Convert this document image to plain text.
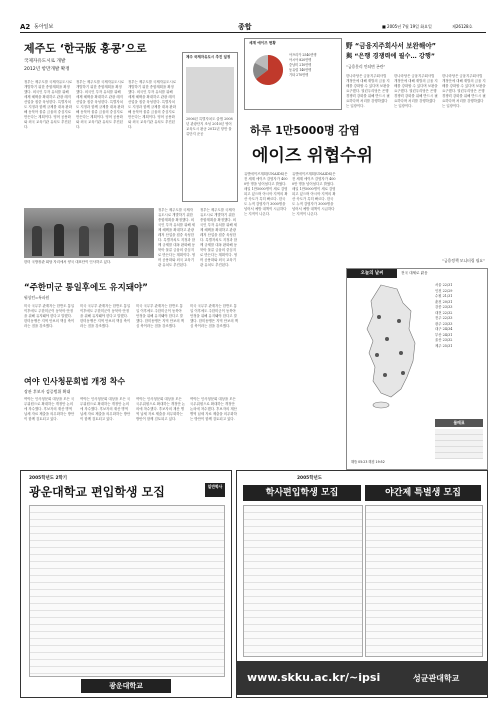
A2 동아일보	종합	■ 2005년 7월 19일 화요일	제26128호
제주도 ‘한국版 홍콩’으로
국제자유도시로 개발
2012년 항만개발 확정
정부는 제주도를 국제자유도시로 개발하기 위한 종합계획을 확정했다. 외국인 투자 유치를 위해 세제 혜택을 확대하고 관광 레저 산업을 집중 육성한다. 특별자치도 지정과 함께 규제를 대폭 완화해 동북아 물류 금융의 중심지로 만든다는 계획이다. 영어 공용화와 외국 교육기관 유치도 추진된다.
정부는 제주도를 국제자유도시로 개발하기 위한 종합계획을 확정했다. 외국인 투자 유치를 위해 세제 혜택을 확대하고 관광 레저 산업을 집중 육성한다. 특별자치도 지정과 함께 규제를 대폭 완화해 동북아 물류 금융의 중심지로 만든다는 계획이다. 영어 공용화와 외국 교육기관 유치도 추진된다.
정부는 제주도를 국제자유도시로 개발하기 위한 종합계획을 확정했다. 외국인 투자 유치를 위해 세제 혜택을 확대하고 관광 레저 산업을 집중 육성한다. 특별자치도 지정과 함께 규제를 대폭 완화해 동북아 물류 금융의 중심지로 만든다는 계획이다. 영어 공용화와 외국 교육기관 유치도 추진된다.
제주 국제자유도시 추진 일정
2006년 특별자치도 출범 2008년 관광단지 조성 2010년 영어교육도시 완공 2012년 항만 물류단지 준공
한미 국방장관 회담 자리에서 양국 대표단이 인사하고 있다.
정부는 제주도를 국제자유도시로 개발하기 위한 종합계획을 확정했다. 외국인 투자 유치를 위해 세제 혜택을 확대하고 관광 레저 산업을 집중 육성한다. 특별자치도 지정과 함께 규제를 대폭 완화해 동북아 물류 금융의 중심지로 만든다는 계획이다. 영어 공용화와 외국 교육기관 유치도 추진된다.
정부는 제주도를 국제자유도시로 개발하기 위한 종합계획을 확정했다. 외국인 투자 유치를 위해 세제 혜택을 확대하고 관광 레저 산업을 집중 육성한다. 특별자치도 지정과 함께 규제를 대폭 완화해 동북아 물류 금융의 중심지로 만든다는 계획이다. 영어 공용화와 외국 교육기관 유치도 추진된다.
“주한미군 통일후에도 유지돼야”
워싱턴=특파원
미국 국무부 관계자는 한반도 통일 이후에도 주한미군이 동북아 안정을 위해 유지돼야 한다고 말했다. 한미동맹은 지역 안보의 핵심 축이라는 점을 강조했다.
미국 국무부 관계자는 한반도 통일 이후에도 주한미군이 동북아 안정을 위해 유지돼야 한다고 말했다. 한미동맹은 지역 안보의 핵심 축이라는 점을 강조했다.
미국 국무부 관계자는 한반도 통일 이후에도 주한미군이 동북아 안정을 위해 유지돼야 한다고 말했다. 한미동맹은 지역 안보의 핵심 축이라는 점을 강조했다.
미국 국무부 관계자는 한반도 통일 이후에도 주한미군이 동북아 안정을 위해 유지돼야 한다고 말했다. 한미동맹은 지역 안보의 핵심 축이라는 점을 강조했다.
여야 인사청문회법 개정 착수
장관 후보자 검증범위 확대
여야는 인사청문회 대상을 모든 국무위원으로 확대하는 개정안 논의에 착수했다. 후보자의 재산 병역 납세 자료 제출을 의무화하는 방안이 함께 검토되고 있다.
여야는 인사청문회 대상을 모든 국무위원으로 확대하는 개정안 논의에 착수했다. 후보자의 재산 병역 납세 자료 제출을 의무화하는 방안이 함께 검토되고 있다.
여야는 인사청문회 대상을 모든 국무위원으로 확대하는 개정안 논의에 착수했다. 후보자의 재산 병역 납세 자료 제출을 의무화하는 방안이 함께 검토되고 있다.
여야는 인사청문회 대상을 모든 국무위원으로 확대하는 개정안 논의에 착수했다. 후보자의 재산 병역 납세 자료 제출을 의무화하는 방안이 함께 검토되고 있다.
세계 에이즈 현황
아프리카 2540만명
아시아 820만명
중남미 210만명
동유럽 140만명
기타 270만명
하루 1만5000명 감염
에이즈 위협수위
유엔에이즈계획(UNAIDS)은 전 세계 에이즈 감염자가 4000만 명을 넘어섰다고 밝혔다. 매일 1만5000명이 새로 감염되고 있으며 아시아 지역의 확산 속도가 특히 빠르다. 한국도 누적 감염자가 3000명을 넘어서 예방 대책이 시급하다는 지적이 나온다.
유엔에이즈계획(UNAIDS)은 전 세계 에이즈 감염자가 4000만 명을 넘어섰다고 밝혔다. 매일 1만5000명이 새로 감염되고 있으며 아시아 지역의 확산 속도가 특히 빠르다. 한국도 누적 감염자가 3000명을 넘어서 예방 대책이 시급하다는 지적이 나온다.
野 “금융지주회사서 보완해야”
與 “은행 경쟁력에 필수… 강행”
“금융분리 안되면 곤란”
한나라당은 금융지주회사법 개정안에 대해 재벌의 금융 지배를 강화할 수 있다며 보완을 요구했다. 열린우리당은 은행 경쟁력 강화를 위해 반드시 필요하다며 처리를 강행하겠다는 입장이다.
한나라당은 금융지주회사법 개정안에 대해 재벌의 금융 지배를 강화할 수 있다며 보완을 요구했다. 열린우리당은 은행 경쟁력 강화를 위해 반드시 필요하다며 처리를 강행하겠다는 입장이다.
한나라당은 금융지주회사법 개정안에 대해 재벌의 금융 지배를 강화할 수 있다며 보완을 요구했다. 열린우리당은 은행 경쟁력 강화를 위해 반드시 필요하다며 처리를 강행하겠다는 입장이다.
“금융정책 모니터링 필요”
오늘의 날씨	전국 대체로 맑음
서울 22/31
인천 22/29
수원 21/31
춘천 20/31
강릉 23/33
대전 22/32
전주 22/33
광주 23/33
대구 24/34
부산 24/31
울산 23/32
제주 25/31
물때표
해뜸 05:23 해짐 19:52
2005학년도 2학기
광운대학교 편입학생 모집	일반학사
광운대학교
2005학년도
학사편입학생 모집	야간제 특별생 모집
www.skku.ac.kr/~ipsi	성균관대학교
